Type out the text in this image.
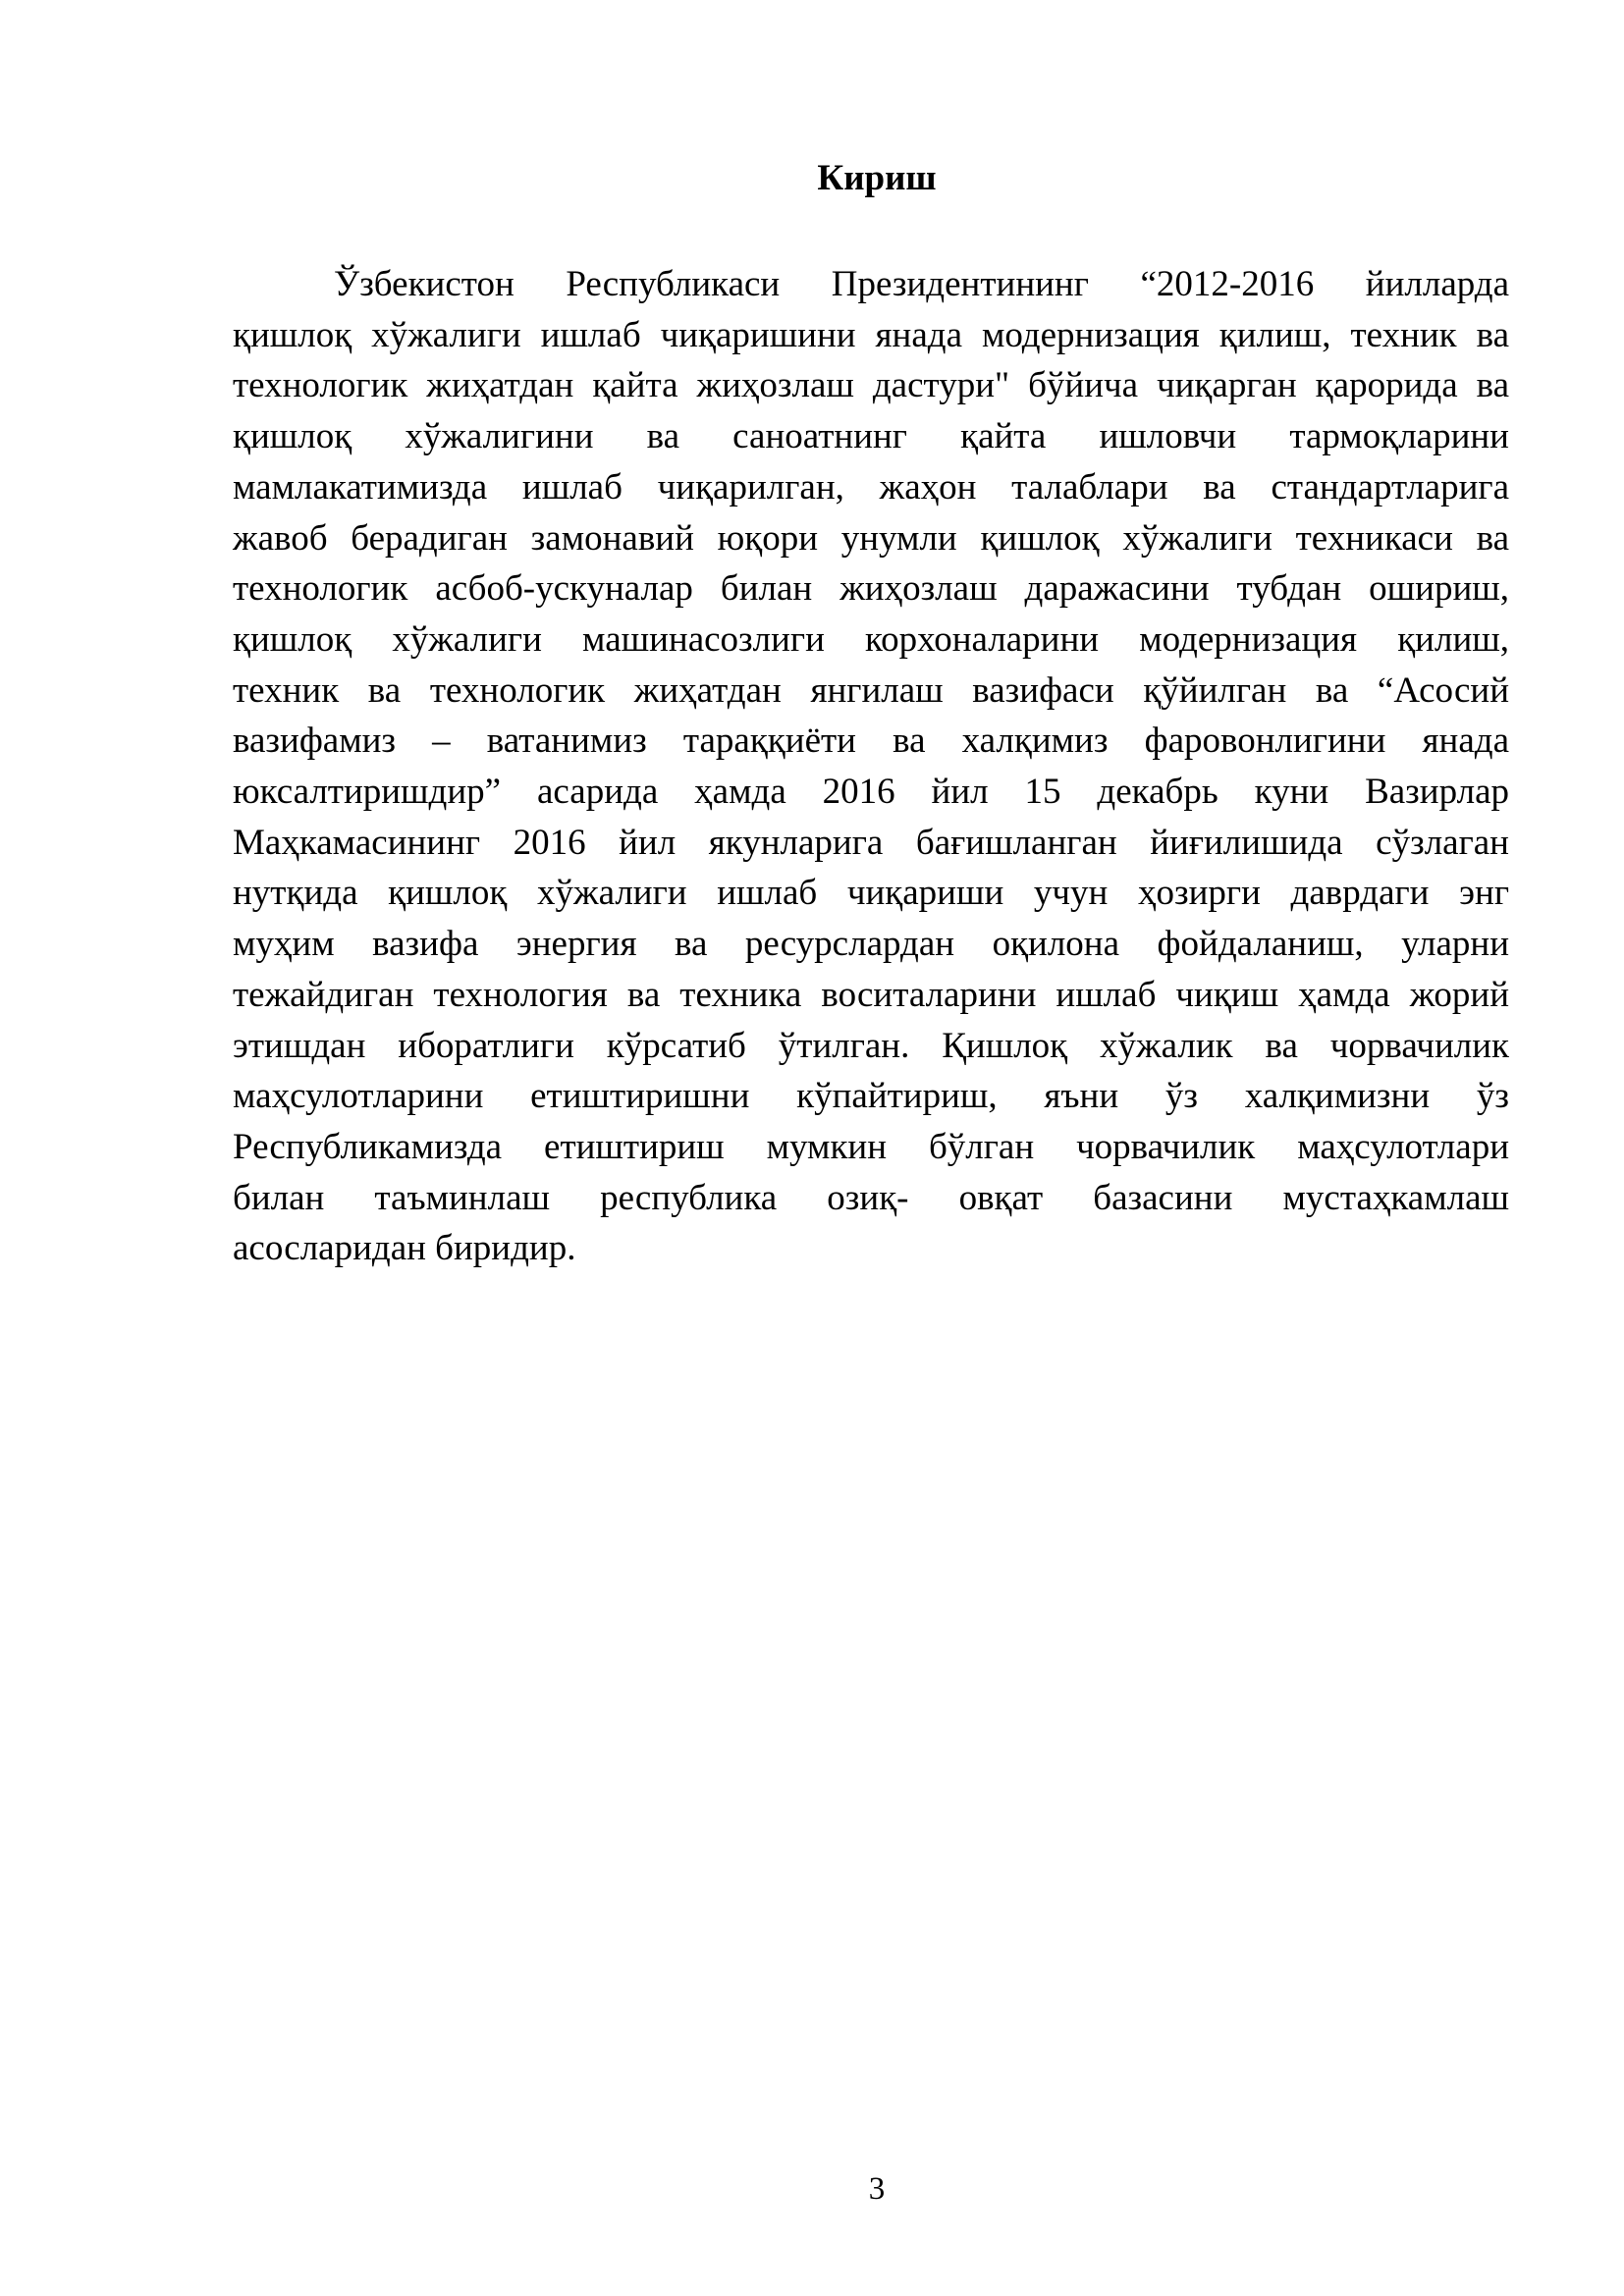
Кириш

Ўзбекистон Республикаси Президентининг “2012-2016 йилларда
қишлоқ хўжалиги ишлаб чиқаришини янада модернизация қилиш, техник ва
технологик жиҳатдан қайта жиҳозлаш дастури" бўйича чиқарган қарорида ва
қишлоқ хўжалигини ва саноатнинг қайта ишловчи тармоқларини
мамлакатимизда ишлаб чиқарилган, жаҳон талаблари ва стандартларига
жавоб берадиган замонавий юқори унумли қишлоқ хўжалиги техникаси ва
технологик асбоб-ускуналар билан жиҳозлаш даражасини тубдан ошириш,
қишлоқ хўжалиги машинасозлиги корхоналарини модернизация қилиш,
техник ва технологик жиҳатдан янгилаш вазифаси қўйилган ва “Асосий
вазифамиз – ватанимиз тараққиёти ва халқимиз фаровонлигини янада
юксалтиришдир” асарида ҳамда 2016 йил 15 декабрь куни Вазирлар
Маҳкамасининг 2016 йил якунларига бағишланган йиғилишида сўзлаган
нутқида қишлоқ хўжалиги ишлаб чиқариши учун ҳозирги даврдаги энг
муҳим вазифа энергия ва ресурслардан оқилона фойдаланиш, уларни
тежайдиган технология ва техника воситаларини ишлаб чиқиш ҳамда жорий
этишдан иборатлиги кўрсатиб ўтилган. Қишлоқ хўжалик ва чорвачилик
маҳсулотларини етиштиришни кўпайтириш, яъни ўз халқимизни ўз
Республикамизда етиштириш мумкин бўлган чорвачилик маҳсулотлари
билан таъминлаш республика озиқ- овқат базасини мустаҳкамлаш
асосларидан биридир.

3
